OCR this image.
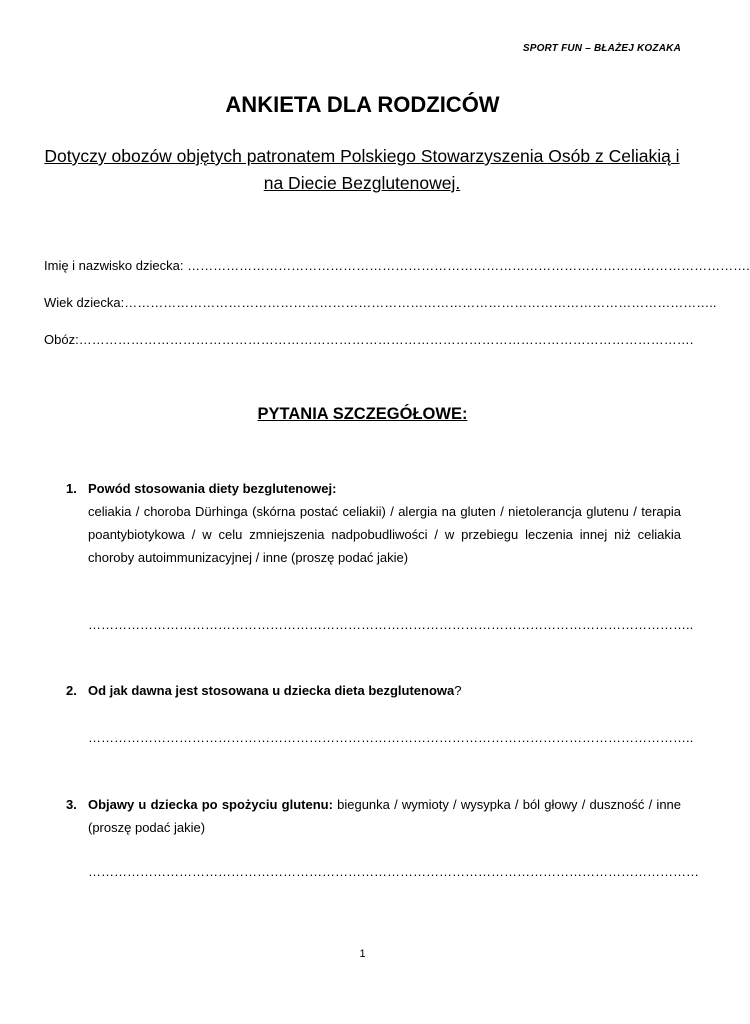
SPORT FUN – BŁAŻEJ KOZAKA
ANKIETA DLA RODZICÓW
Dotyczy obozów objętych patronatem Polskiego Stowarzyszenia Osób z Celiakią i na Diecie Bezglutenowej.
Imię i nazwisko dziecka: ………………………………………………………………………………………………………………….
Wiek dziecka:………………………………………………………………………………………………………………………..
Obóz:…………………………………………………………………………………………………………………………….
PYTANIA SZCZEGÓŁOWE:
1. Powód stosowania diety bezglutenowej:
celiakia / choroba Dürhinga (skórna postać celiakii) / alergia na gluten / nietolerancja glutenu / terapia poantybiotykowa / w celu zmniejszenia nadpobudliwości / w przebiegu leczenia innej niż celiakia choroby autoimmunizacyjnej / inne (proszę podać jakie)
…………………………………………………………………………………………………………………………..
2. Od jak dawna jest stosowana u dziecka dieta bezglutenowa?
…………………………………………………………………………………………………………………………..
3. Objawy u dziecka po spożyciu glutenu: biegunka / wymioty / wysypka / ból głowy / duszność / inne (proszę podać jakie)
……………………………………………………………………………………………………………………………
1
